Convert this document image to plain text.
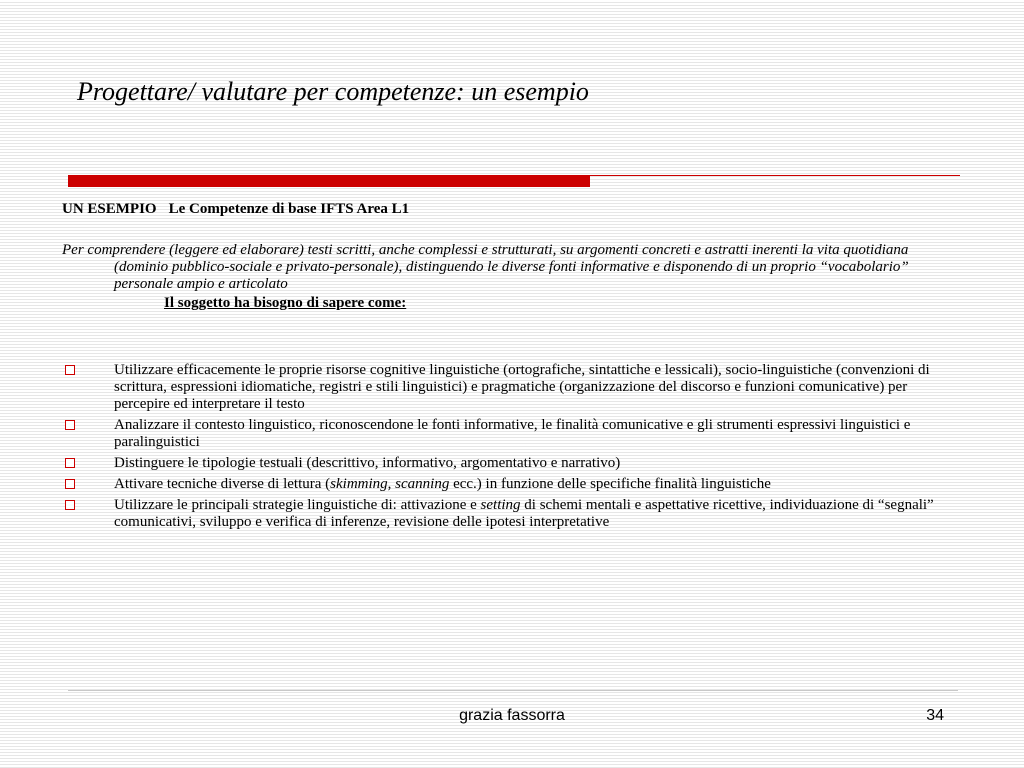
Progettare/ valutare per competenze: un esempio

UN ESEMPIO Le Competenze di base IFTS Area L1

Per comprendere (leggere ed elaborare) testi scritti, anche complessi e strutturati, su argomenti concreti e astratti inerenti la vita quotidiana (dominio pubblico-sociale e privato-personale), distinguendo le diverse fonti informative e disponendo di un proprio “vocabolario” personale ampio e articolato

Il soggetto ha bisogno di sapere come:

Utilizzare efficacemente le proprie risorse cognitive linguistiche (ortografiche, sintattiche e lessicali), socio-linguistiche (convenzioni di scrittura, espressioni idiomatiche, registri e stili linguistici) e pragmatiche (organizzazione del discorso e funzioni comunicative) per percepire ed interpretare il testo
Analizzare il contesto linguistico, riconoscendone le fonti informative, le finalità comunicative e gli strumenti espressivi linguistici e paralinguistici
Distinguere le tipologie testuali (descrittivo, informativo, argomentativo e narrativo)
Attivare tecniche diverse di lettura (skimming, scanning ecc.) in funzione delle specifiche finalità linguistiche
Utilizzare le principali strategie linguistiche di: attivazione e setting di schemi mentali e aspettative ricettive, individuazione di “segnali” comunicativi, sviluppo e verifica di inferenze, revisione delle ipotesi interpretative
grazia fassorra	34
